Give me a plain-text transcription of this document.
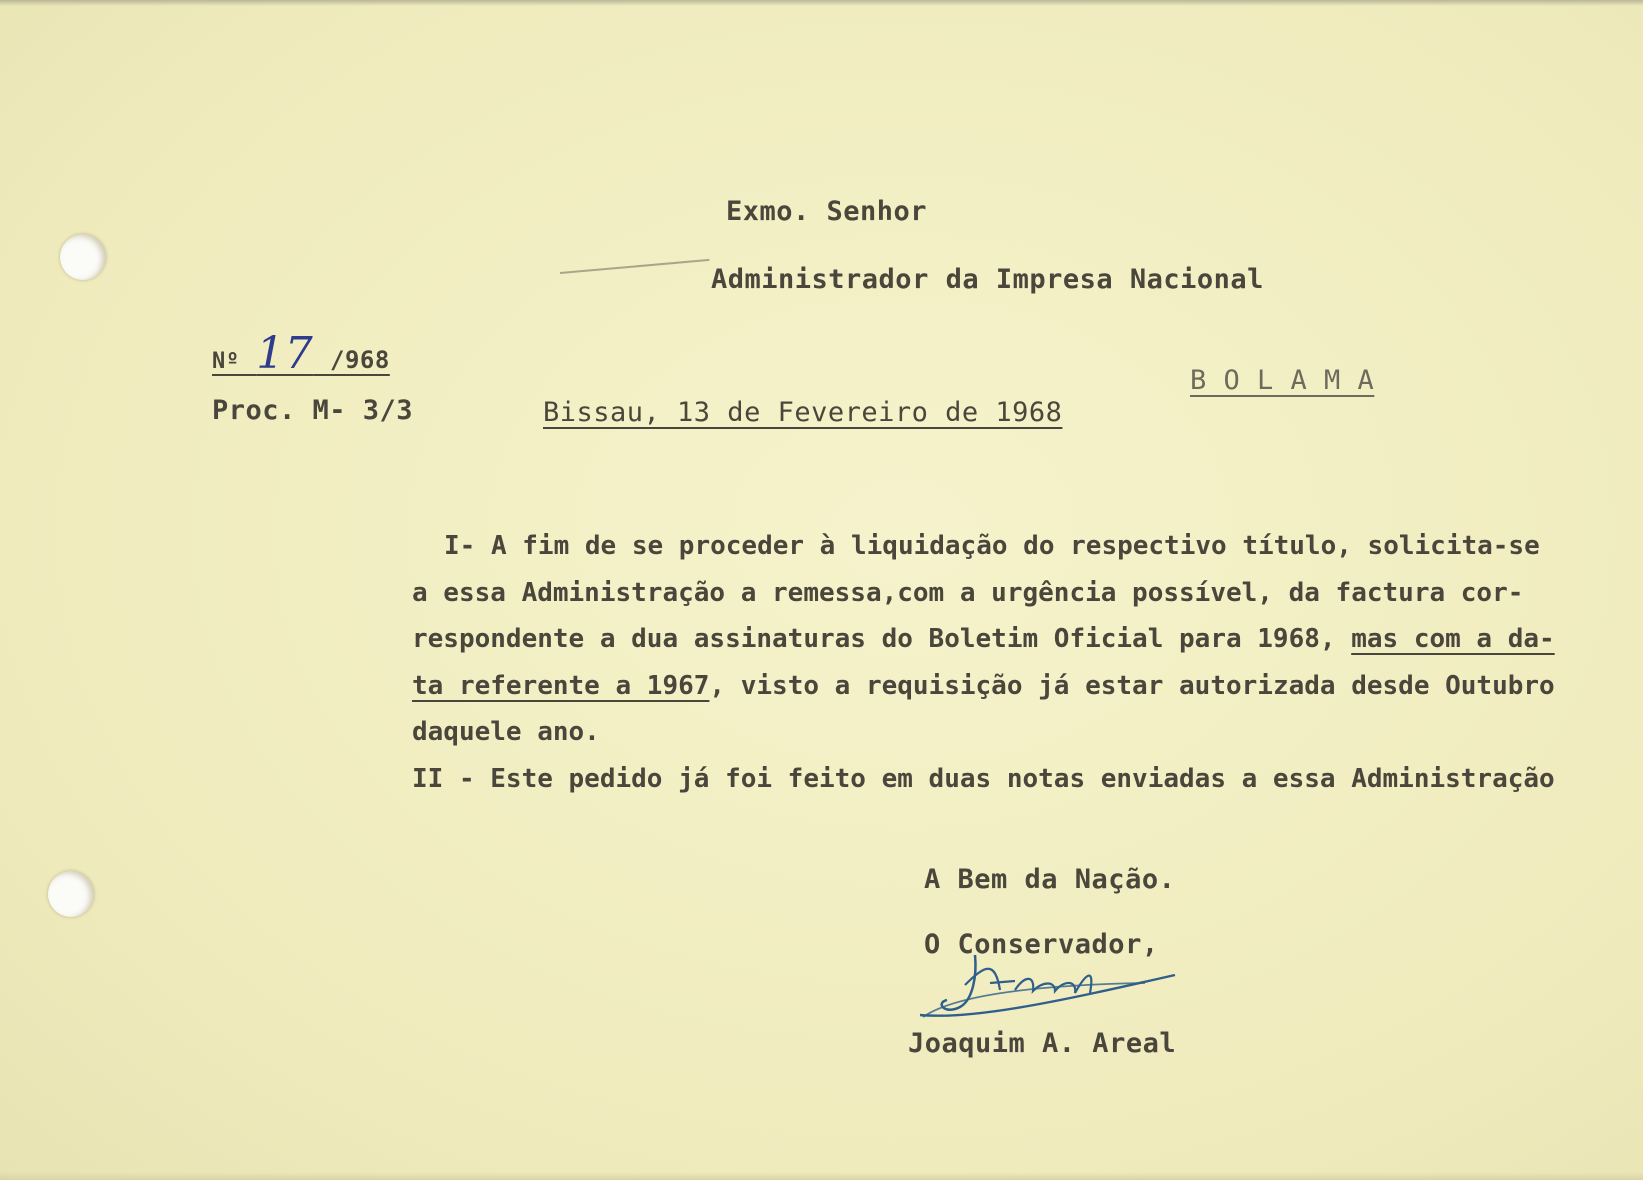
Exmo. Senhor
Administrador da Impresa Nacional
Nº 17 /968
Proc. M- 3/3
B O L A M A
Bissau, 13 de Fevereiro de 1968
I- A fim de se proceder à liquidação do respectivo título, solicita-se
a essa Administração a remessa,com a urgência possível, da factura cor-
respondente a dua assinaturas do Boletim Oficial para 1968, mas com a da-
ta referente a 1967, visto a requisição já estar autorizada desde Outubro
daquele ano.
II - Este pedido já foi feito em duas notas enviadas a essa Administração
A Bem da Nação.
O Conservador,
Joaquim A. Areal
